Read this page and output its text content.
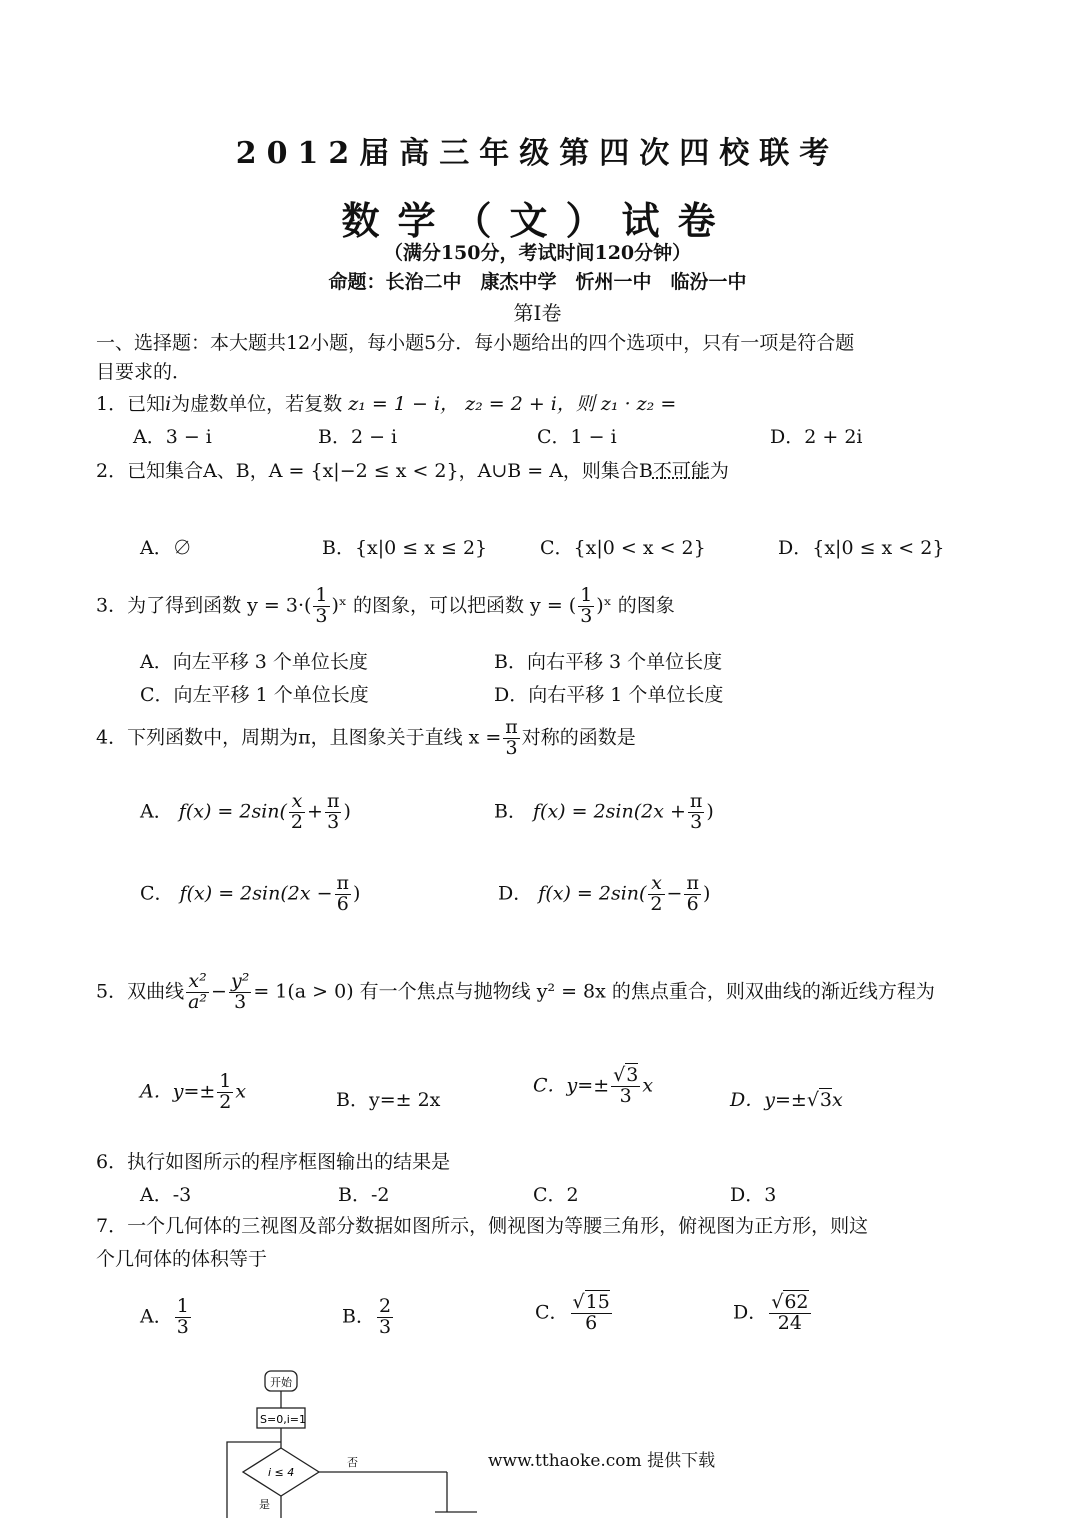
2012届高三年级第四次四校联考
数学（文）试卷
（满分150分，考试时间120分钟）
命题：长治二中　康杰中学　忻州一中　临汾一中
第Ⅰ卷
一、选择题：本大题共12小题，每小题5分．每小题给出的四个选项中，只有一项是符合题
目要求的．
1．已知i为虚数单位，若复数 z₁ = 1 − i， z₂ = 2 + i，则 z₁ · z₂ =
A．3 − i	B．2 − i	C．1 − i	D．2 + 2i
2．已知集合A、B，A = {x|−2 ≤ x < 2}，A∪B = A，则集合B不可能为
A．∅	B．{x|0 ≤ x ≤ 2}	C．{x|0 < x < 2}	D．{x|0 ≤ x < 2}
3．为了得到函数 $y = 3\cdot( \frac{1}{3}$ )ˣ 的图象，可以把函数 y = ( $\frac{1}{3}$ )ˣ 的图象
A．向左平移 3 个单位长度	B．向右平移 3 个单位长度
C．向左平移 1 个单位长度	D．向右平移 1 个单位长度
4．下列函数中，周期为π，且图象关于直线 $x = \frac{\pi}{3}$ 对称的函数是
A． $f(x) = 2\sin( \frac{x}{2} + \frac{\pi}{3}$ )	B． $f(x) = 2\sin(2x + \frac{\pi}{3}$ )
C． $f(x) = 2\sin(2x - \frac{\pi}{6}$ )	D． $f(x) = 2\sin( \frac{x}{2} - \frac{\pi}{6}$ )
5．双曲线 $\frac{\text{x²}}{\text{a²}} - \frac{\text{y²}}{3} = 1(a > 0)$ 有一个焦点与抛物线 y² = 8x 的焦点重合，则双曲线的渐近线方程为
A．$y=\pm \frac{1}{2}$ x	B．y=± 2x
C．$y=\pm \frac{√3}{3}$ x
D．y=±√3x
6．执行如图所示的程序框图输出的结果是
A．-3	B．-2	C．2	D．3
7．一个几何体的三视图及部分数据如图所示，侧视图为等腰三角形，俯视图为正方形，则这
个几何体的体积等于
A． $\frac{1}{3}$	B． $\frac{2}{3}$	C． $\frac{√15}{6}$	D． $\frac{√62}{24}$
开始
S=0,i=1
i ≤ 4
否
是
www.tthaoke.com 提供下载
